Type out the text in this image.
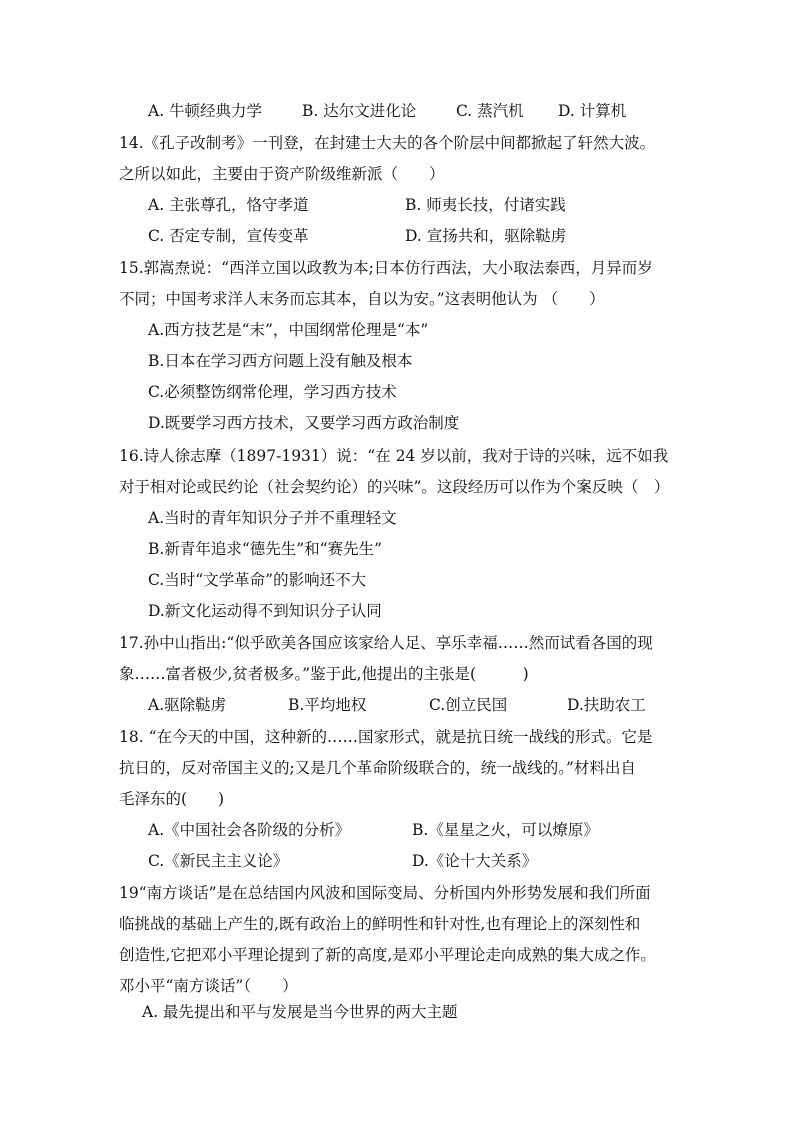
A. 牛顿经典力学	B. 达尔文进化论	C. 蒸汽机 D. 计算机
14.《孔子改制考》一刊登，在封建士大夫的各个阶层中间都掀起了轩然大波。
之所以如此，主要由于资产阶级维新派（　　）
A. 主张尊孔，恪守孝道	B. 师夷长技，付诸实践
C. 否定专制，宣传变革	D. 宣扬共和，驱除鞑虏
15.郭嵩焘说：“西洋立国以政教为本;日本仿行西法，大小取法泰西，月异而岁
不同；中国考求洋人末务而忘其本，自以为安。”这表明他认为 （　　）
A.西方技艺是“末”，中国纲常伦理是“本”
B.日本在学习西方问题上没有触及根本
C.必须整饬纲常伦理，学习西方技术
D.既要学习西方技术，又要学习西方政治制度
16.诗人徐志摩（1897-1931）说：“在 24 岁以前，我对于诗的兴味，远不如我
对于相对论或民约论（社会契约论）的兴味”。这段经历可以作为个案反映（　）
A.当时的青年知识分子并不重理轻文
B.新青年追求“德先生”和“赛先生”
C.当时“文学革命”的影响还不大
D.新文化运动得不到知识分子认同
17.孙中山指出:“似乎欧美各国应该家给人足、享乐幸福……然而试看各国的现
象……富者极少,贫者极多。”鉴于此,他提出的主张是(　　　)
A.驱除鞑虏	B.平均地权	C.创立民国	D.扶助农工
18. “在今天的中国，这种新的……国家形式，就是抗日统一战线的形式。它是
抗日的，反对帝国主义的;又是几个革命阶级联合的，统一战线的。”材料出自
毛泽东的(　　)
A.《中国社会各阶级的分析》	B.《星星之火，可以燎原》
C.《新民主主义论》	D.《论十大关系》
19“南方谈话”是在总结国内风波和国际变局、分析国内外形势发展和我们所面
临挑战的基础上产生的,既有政治上的鲜明性和针对性,也有理论上的深刻性和
创造性,它把邓小平理论提到了新的高度,是邓小平理论走向成熟的集大成之作。
邓小平“南方谈话”（　　）
A. 最先提出和平与发展是当今世界的两大主题
